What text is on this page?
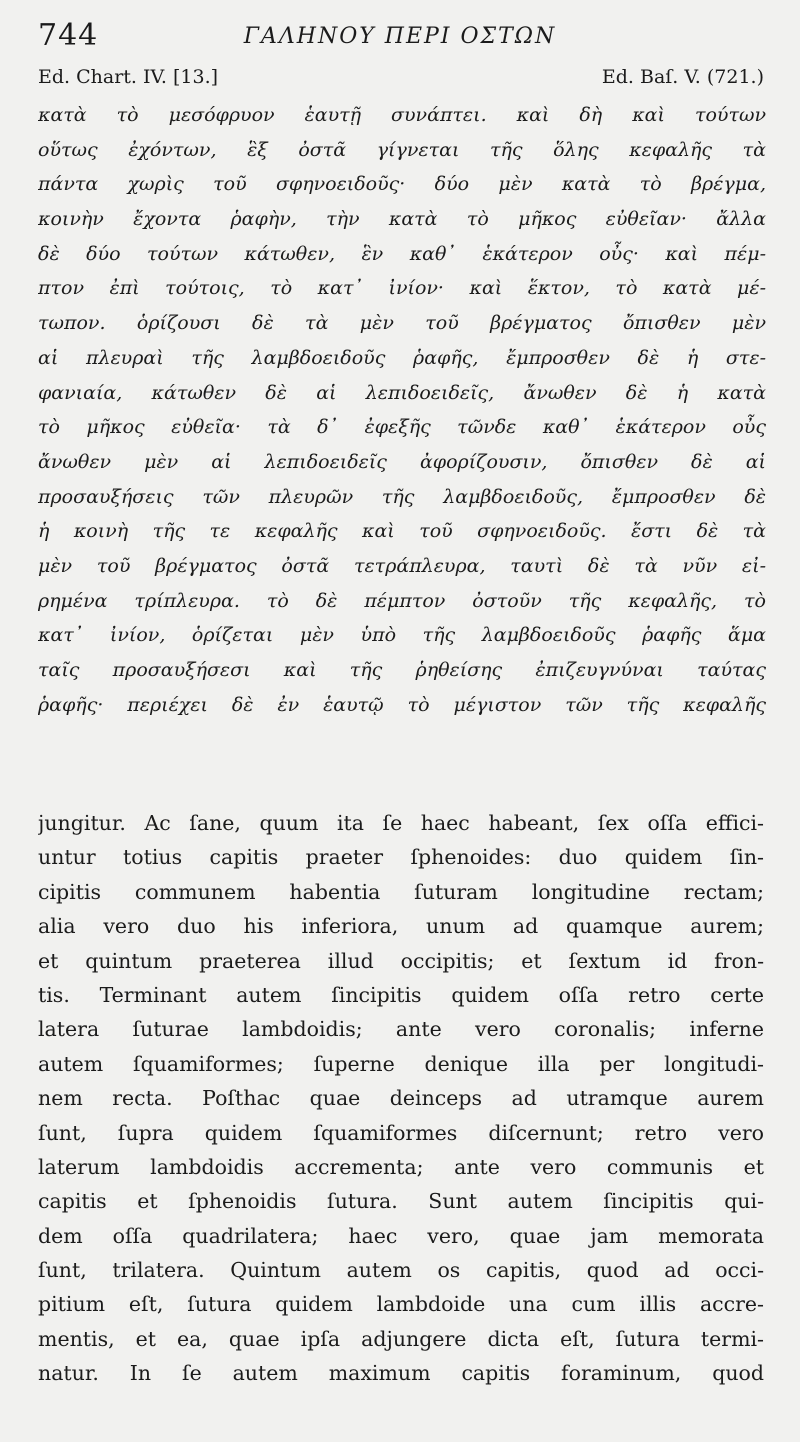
744	ΓΑΛΗΝΟΥ ΠΕΡΙ ΟΣΤΩΝ
Ed. Chart. IV. [13.]	Ed. Baſ. V. (721.)
κατὰ τὸ μεσόφρυον ἑαυτῇ συνάπτει. καὶ δὴ καὶ τούτων
οὕτως ἐχόντων, ἓξ ὀστᾶ γίγνεται τῆς ὅλης κεφαλῆς τὰ
πάντα χωρὶς τοῦ σφηνοειδοῦς· δύο μὲν κατὰ τὸ βρέγμα,
κοινὴν ἔχοντα ῥαφὴν, τὴν κατὰ τὸ μῆκος εὐθεῖαν· ἄλλα
δὲ δύο τούτων κάτωθεν, ἓν καθ᾽ ἑκάτερον οὖς· καὶ πέμ-
πτον ἐπὶ τούτοις, τὸ κατ᾽ ἰνίον· καὶ ἕκτον, τὸ κατὰ μέ-
τωπον. ὁρίζουσι δὲ τὰ μὲν τοῦ βρέγματος ὄπισθεν μὲν
αἱ πλευραὶ τῆς λαμβδοειδοῦς ῥαφῆς, ἔμπροσθεν δὲ ἡ στε-
φανιαία, κάτωθεν δὲ αἱ λεπιδοειδεῖς, ἄνωθεν δὲ ἡ κατὰ
τὸ μῆκος εὐθεῖα· τὰ δ᾽ ἐφεξῆς τῶνδε καθ᾽ ἑκάτερον οὖς
ἄνωθεν μὲν αἱ λεπιδοειδεῖς ἀφορίζουσιν, ὄπισθεν δὲ αἱ
προσαυξήσεις τῶν πλευρῶν τῆς λαμβδοειδοῦς, ἔμπροσθεν δὲ
ἡ κοινὴ τῆς τε κεφαλῆς καὶ τοῦ σφηνοειδοῦς. ἔστι δὲ τὰ
μὲν τοῦ βρέγματος ὀστᾶ τετράπλευρα, ταυτὶ δὲ τὰ νῦν εἰ-
ρημένα τρίπλευρα. τὸ δὲ πέμπτον ὀστοῦν τῆς κεφαλῆς, τὸ
κατ᾽ ἰνίον, ὁρίζεται μὲν ὑπὸ τῆς λαμβδοειδοῦς ῥαφῆς ἅμα
ταῖς προσαυξήσεσι καὶ τῆς ῥηθείσης ἐπιζευγνύναι ταύτας
ῥαφῆς· περιέχει δὲ ἐν ἑαυτῷ τὸ μέγιστον τῶν τῆς κεφαλῆς
jungitur. Ac ſane, quum ita ſe haec habeant, ſex oſſa effici-
untur totius capitis praeter ſphenoides: duo quidem ſin-
cipitis communem habentia ſuturam longitudine rectam;
alia vero duo his inferiora, unum ad quamque aurem;
et quintum praeterea illud occipitis; et ſextum id fron-
tis. Terminant autem ſincipitis quidem oſſa retro certe
latera ſuturae lambdoidis; ante vero coronalis; inferne
autem ſquamiformes; ſuperne denique illa per longitudi-
nem recta. Poſthac quae deinceps ad utramque aurem
ſunt, ſupra quidem ſquamiformes diſcernunt; retro vero
laterum lambdoidis accrementa; ante vero communis et
capitis et ſphenoidis ſutura. Sunt autem ſincipitis qui-
dem oſſa quadrilatera; haec vero, quae jam memorata
ſunt, trilatera. Quintum autem os capitis, quod ad occi-
pitium eſt, ſutura quidem lambdoide una cum illis accre-
mentis, et ea, quae ipſa adjungere dicta eſt, ſutura termi-
natur. In ſe autem maximum capitis foraminum, quod
